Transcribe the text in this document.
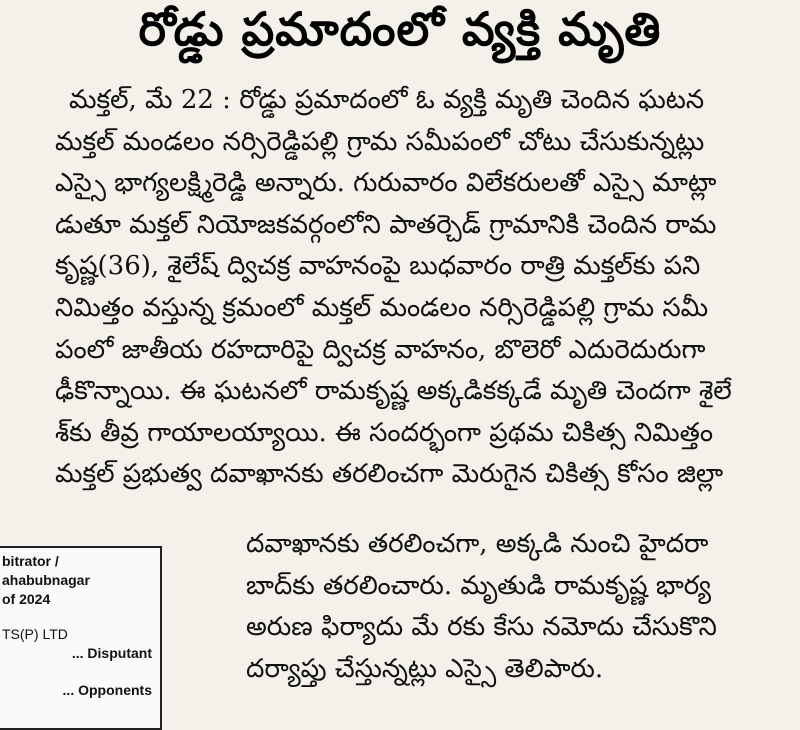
రోడ్డు ప్రమాదంలో వ్యక్తి మృతి
మక్తల్, మే 22 : రోడ్డు ప్రమాదంలో ఓ వ్యక్తి మృతి చెందిన ఘటన
మక్తల్ మండలం నర్సిరెడ్డిపల్లి గ్రామ సమీపంలో చోటు చేసుకున్నట్లు
ఎస్సై భాగ్యలక్ష్మిరెడ్డి అన్నారు. గురువారం విలేకరులతో ఎస్సై మాట్లా
డుతూ మక్తల్ నియోజకవర్గంలోని పాతర్చెడ్ గ్రామానికి చెందిన రామ
కృష్ణ(36), శైలేష్ ద్విచక్ర వాహనంపై బుధవారం రాత్రి మక్తల్‌కు పని
నిమిత్తం వస్తున్న క్రమంలో మక్తల్ మండలం నర్సిరెడ్డిపల్లి గ్రామ సమీ
పంలో జాతీయ రహదారిపై ద్విచక్ర వాహనం, బొలెరో ఎదురెదురుగా
ఢీకొన్నాయి. ఈ ఘటనలో రామకృష్ణ అక్కడికక్కడే మృతి చెందగా శైలే
శ్‌కు తీవ్ర గాయాలయ్యాయి. ఈ సందర్భంగా ప్రథమ చికిత్స నిమిత్తం
మక్తల్ ప్రభుత్వ దవాఖానకు తరలించగా మెరుగైన చికిత్స కోసం జిల్లా
దవాఖానకు తరలించగా, అక్కడి నుంచి హైదరా
బాద్‌కు తరలించారు. మృతుడి రామకృష్ణ భార్య
అరుణ ఫిర్యాదు మే రకు కేసు నమోదు చేసుకొని
దర్యాప్తు చేస్తున్నట్లు ఎస్సై తెలిపారు.
bitrator /
ahabubnagar
of 2024
TS(P) LTD
... Disputant
... Opponents
